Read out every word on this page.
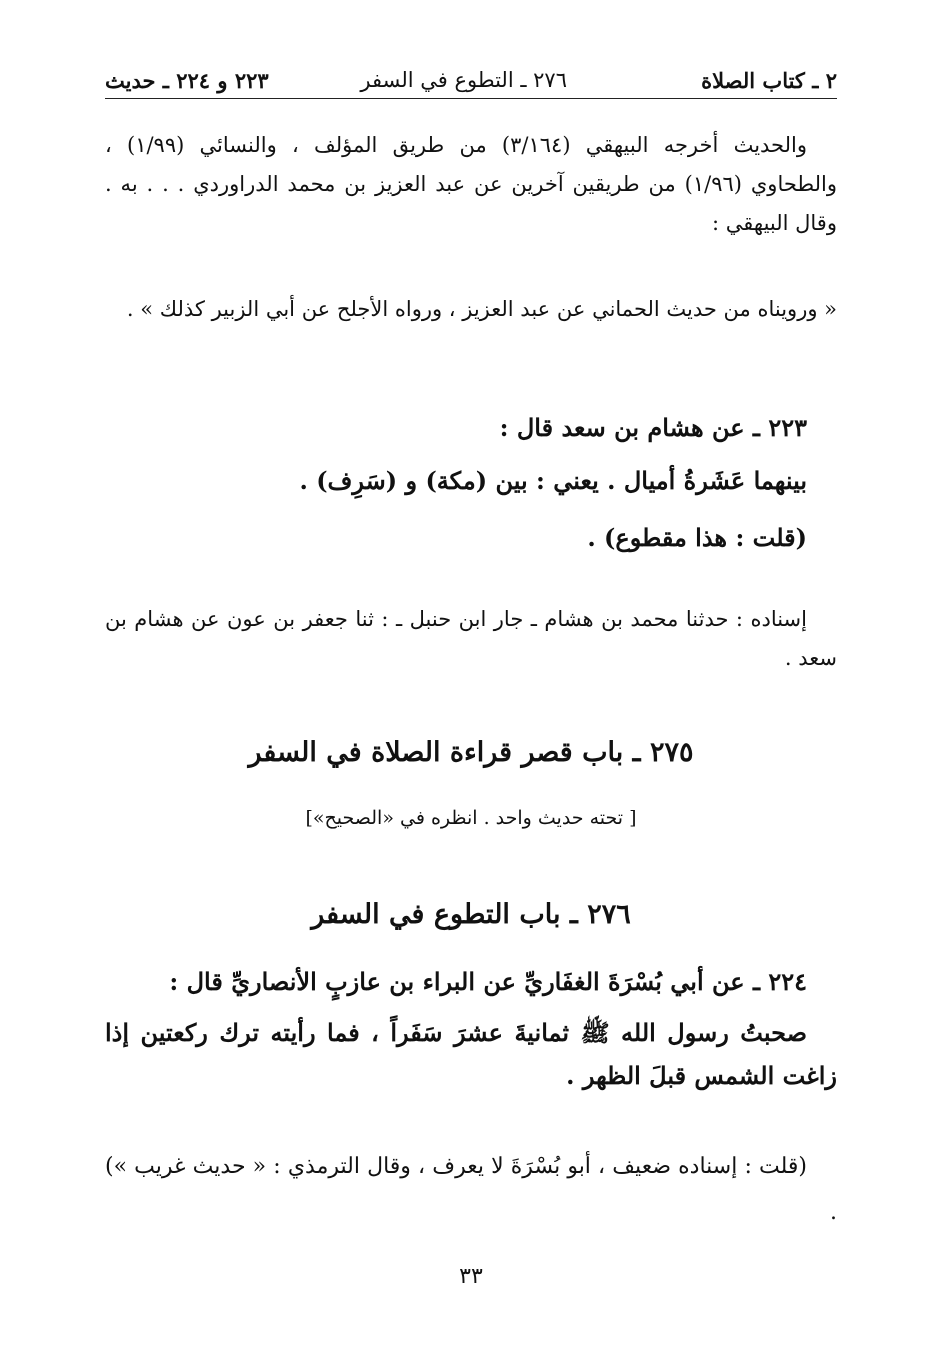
٢ ـ كتاب الصلاة
٢٧٦ ـ التطوع في السفر
٢٢٣ و ٢٢٤ ـ حديث

والحديث أخرجه البيهقي (٣/١٦٤) من طريق المؤلف ، والنسائي (١/٩٩) ، والطحاوي (١/٩٦) من طريقين آخرين عن عبد العزيز بن محمد الدراوردي . . . به . وقال البيهقي :

« ورويناه من حديث الحماني عن عبد العزيز ، ورواه الأجلح عن أبي الزبير كذلك » .

٢٢٣ ـ عن هشام بن سعد قال :

بينهما عَشَرةُ أميال . يعني : بين (مكة) و (سَرِف) .

(قلت : هذا مقطوع) .

إسناده : حدثنا محمد بن هشام ـ جار ابن حنبل ـ : ثنا جعفر بن عون عن هشام بن سعد .

٢٧٥ ـ باب قصر قراءة الصلاة في السفر

[ تحته حديث واحد . انظره في «الصحيح»]

٢٧٦ ـ باب التطوع في السفر

٢٢٤ ـ عن أبي بُسْرَةَ الغفَاريِّ عن البراء بن عازبٍ الأنصاريِّ قال :

صحبتُ رسول الله ﷺ ثمانيةَ عشرَ سَفَراً ، فما رأيته ترك ركعتين إذا زاغت الشمس قبلَ الظهر .

(قلت : إسناده ضعيف ، أبو بُسْرَةَ لا يعرف ، وقال الترمذي : « حديث غريب ») .

٣٣
